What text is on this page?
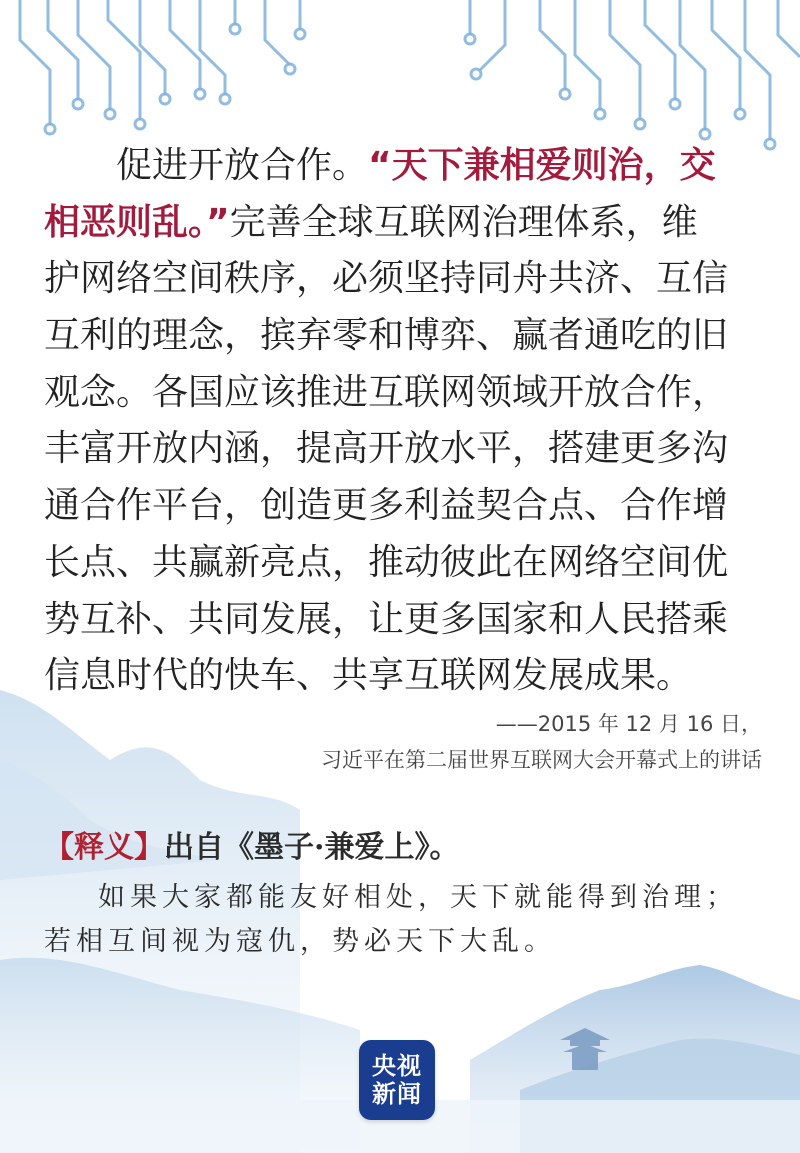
促进开放合作。“天下兼相爱则治，交
相恶则乱。”完善全球互联网治理体系，维
护网络空间秩序，必须坚持同舟共济、互信
互利的理念，摈弃零和博弈、赢者通吃的旧
观念。各国应该推进互联网领域开放合作，
丰富开放内涵，提高开放水平，搭建更多沟
通合作平台，创造更多利益契合点、合作增
长点、共赢新亮点，推动彼此在网络空间优
势互补、共同发展，让更多国家和人民搭乘
信息时代的快车、共享互联网发展成果。
——2015 年 12 月 16 日，
习近平在第二届世界互联网大会开幕式上的讲话
【释义】出自《墨子·兼爱上》。
如果大家都能友好相处，天下就能得到治理；
若相互间视为寇仇，势必天下大乱。
央视
新闻
